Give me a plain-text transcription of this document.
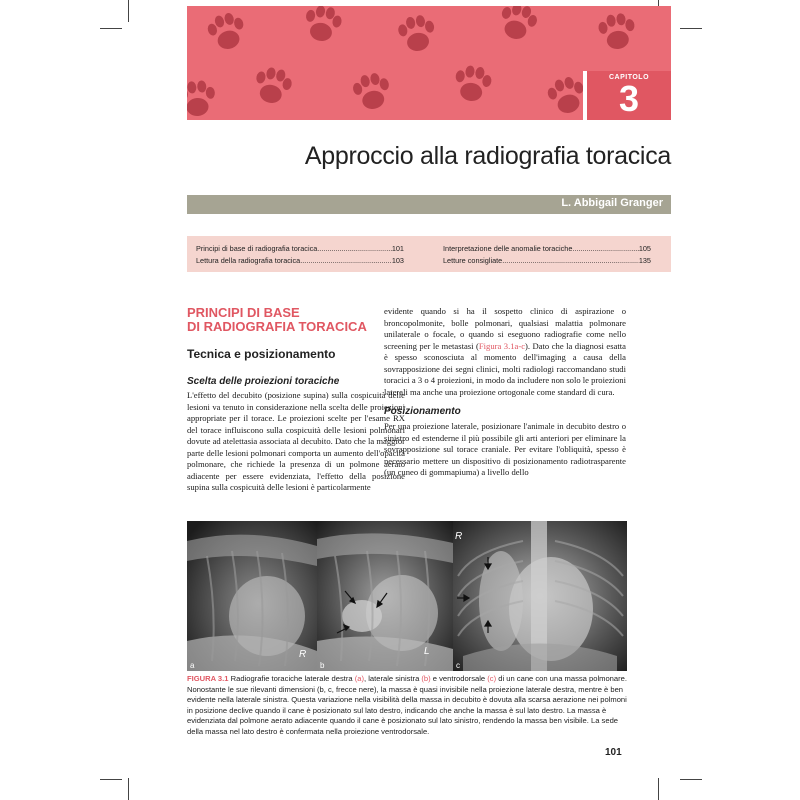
CAPITOLO
3
Approccio alla radiografia toracica
L. Abbigail Granger
Principi di base di radiografia toracica .....	101
Lettura della radiografia toracica .....	103
Interpretazione delle anomalie toraciche .....	105
Letture consigliate .....	135
PRINCIPI DI BASE
DI RADIOGRAFIA TORACICA
Tecnica e posizionamento
Scelta delle proiezioni toraciche
L'effetto del decubito (posizione supina) sulla cospicuità delle lesioni va tenuto in considerazione nella scelta delle proiezioni appropriate per il torace. Le proiezioni scelte per l'esame RX del torace influiscono sulla cospicuità delle lesioni polmonari dovute ad atelettasia associata al decubito. Dato che la maggior parte delle lesioni polmonari comporta un aumento dell'opacità polmonare, che richiede la presenza di un polmone aerato adiacente per essere evidenziata, l'effetto della posizione supina sulla cospicuità delle lesioni è particolarmente
evidente quando si ha il sospetto clinico di aspirazione o broncopolmonite, bolle polmonari, qualsiasi malattia polmonare unilaterale o focale, o quando si eseguono radiografie come nello screening per le metastasi (Figura 3.1a-c). Dato che la diagnosi esatta è spesso sconosciuta al momento dell'imaging a causa della sovrapposizione dei segni clinici, molti radiologi raccomandano studi toracici a 3 o 4 proiezioni, in modo da includere non solo le proiezioni laterali ma anche una proiezione ortogonale come standard di cura.
Posizionamento
Per una proiezione laterale, posizionare l'animale in decubito destro o sinistro ed estenderne il più possibile gli arti anteriori per eliminare la sovrapposizione sul torace craniale. Per evitare l'obliquità, spesso è necessario mettere un dispositivo di posizionamento radiotrasparente (un cuneo di gommapiuma) a livello dello
R
a
L
b
R
c
FIGURA 3.1 Radiografie toraciche laterale destra (a), laterale sinistra (b) e ventrodorsale (c) di un cane con una massa polmonare. Nonostante le sue rilevanti dimensioni (b, c, frecce nere), la massa è quasi invisibile nella proiezione laterale destra, mentre è ben evidente nella laterale sinistra. Questa variazione nella visibilità della massa in decubito è dovuta alla scarsa aerazione nei polmoni in posizione declive quando il cane è posizionato sul lato destro, indicando che anche la massa è sul lato destro. La massa è evidenziata dal polmone aerato adiacente quando il cane è posizionato sul lato sinistro, rendendo la massa ben visibile. La sede della massa nel lato destro è confermata nella proiezione ventrodorsale.
101
